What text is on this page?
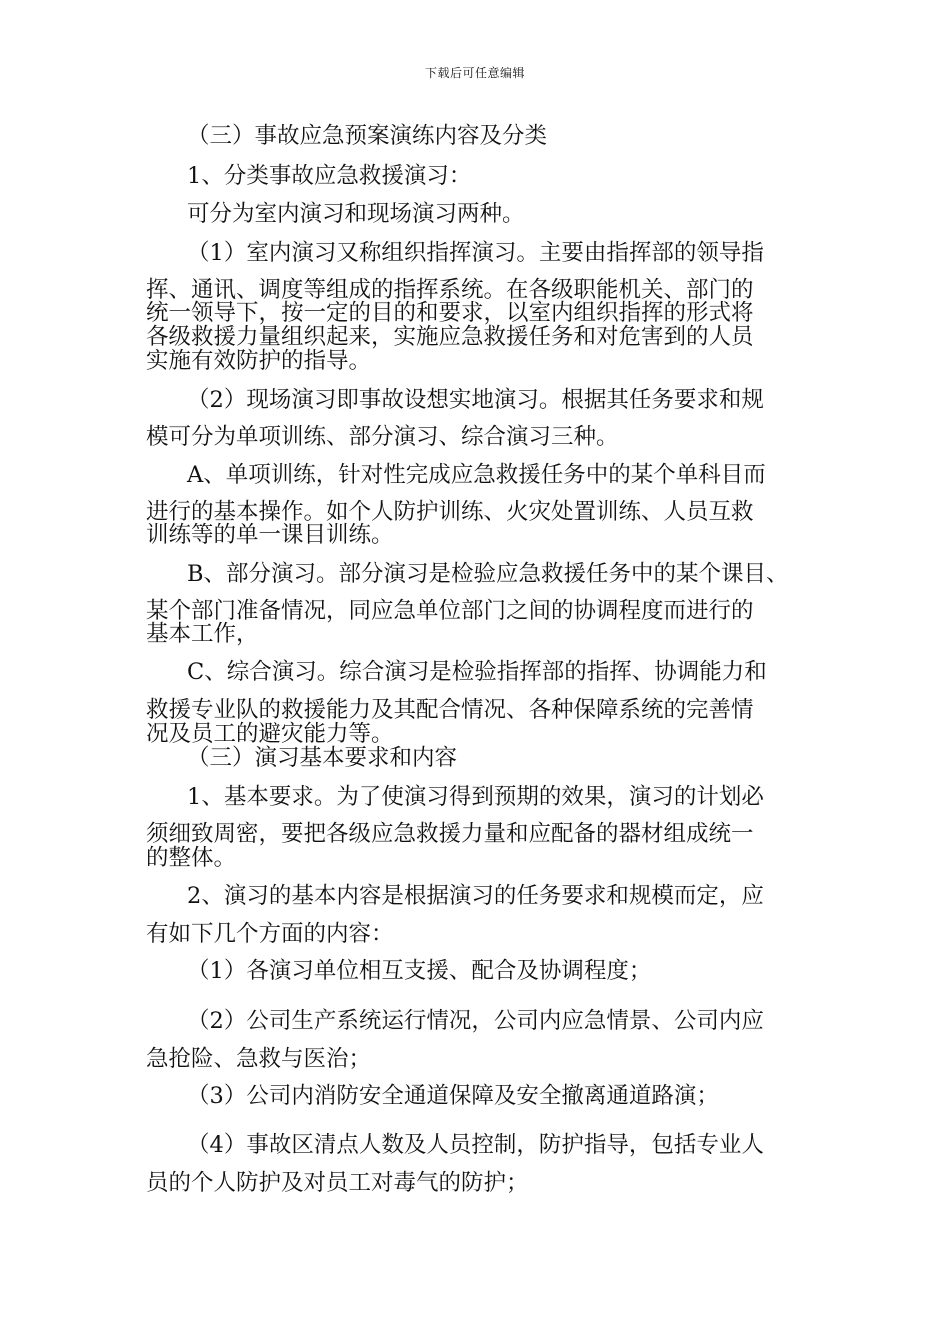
下载后可任意编辑
（三）事故应急预案演练内容及分类
1、分类事故应急救援演习：
可分为室内演习和现场演习两种。
（1）室内演习又称组织指挥演习。主要由指挥部的领导指
挥、通讯、调度等组成的指挥系统。在各级职能机关、部门的
统一领导下，按一定的目的和要求，以室内组织指挥的形式将
各级救援力量组织起来，实施应急救援任务和对危害到的人员
实施有效防护的指导。
（2）现场演习即事故设想实地演习。根据其任务要求和规
模可分为单项训练、部分演习、综合演习三种。
A、单项训练，针对性完成应急救援任务中的某个单科目而
进行的基本操作。如个人防护训练、火灾处置训练、人员互救
训练等的单一课目训练。
B、部分演习。部分演习是检验应急救援任务中的某个课目、
某个部门准备情况，同应急单位部门之间的协调程度而进行的
基本工作，
C、综合演习。综合演习是检验指挥部的指挥、协调能力和
救援专业队的救援能力及其配合情况、各种保障系统的完善情
况及员工的避灾能力等。
（三）演习基本要求和内容
1、基本要求。为了使演习得到预期的效果，演习的计划必
须细致周密，要把各级应急救援力量和应配备的器材组成统一
的整体。
2、演习的基本内容是根据演习的任务要求和规模而定，应
有如下几个方面的内容：
（1）各演习单位相互支援、配合及协调程度；
（2）公司生产系统运行情况，公司内应急情景、公司内应
急抢险、急救与医治；
（3）公司内消防安全通道保障及安全撤离通道路演；
（4）事故区清点人数及人员控制，防护指导，包括专业人
员的个人防护及对员工对毒气的防护；
